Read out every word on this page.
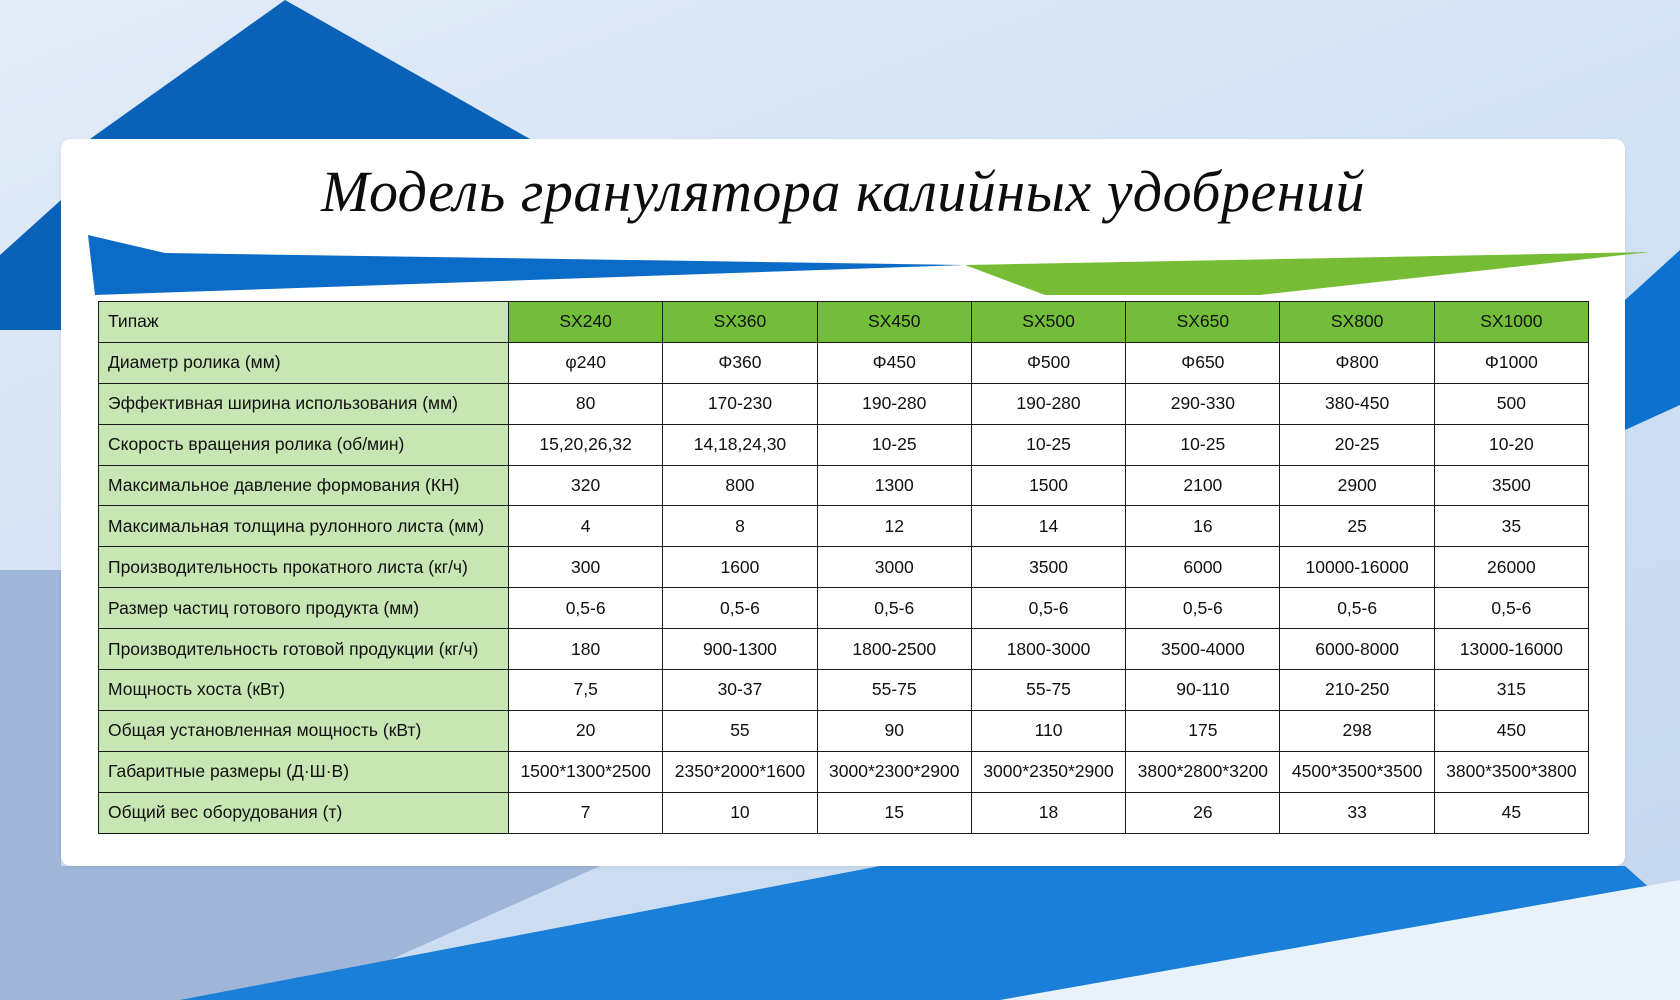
Модель гранулятора калийных удобрений
Типаж	SX240	SX360	SX450	SX500	SX650	SX800	SX1000
Диаметр ролика (мм)	φ240	Φ360	Φ450	Φ500	Φ650	Φ800	Φ1000
Эффективная ширина использования (мм)	80	170-230	190-280	190-280	290-330	380-450	500
Скорость вращения ролика (об/мин)	15,20,26,32	14,18,24,30	10-25	10-25	10-25	20-25	10-20
Максимальное давление формования (КН)	320	800	1300	1500	2100	2900	3500
Максимальная толщина рулонного листа (мм)	4	8	12	14	16	25	35
Производительность прокатного листа (кг/ч)	300	1600	3000	3500	6000	10000-16000	26000
Размер частиц готового продукта (мм)	0,5-6	0,5-6	0,5-6	0,5-6	0,5-6	0,5-6	0,5-6
Производительность готовой продукции (кг/ч)	180	900-1300	1800-2500	1800-3000	3500-4000	6000-8000	13000-16000
Мощность хоста (кВт)	7,5	30-37	55-75	55-75	90-110	210-250	315
Общая установленная мощность (кВт)	20	55	90	110	175	298	450
Габаритные размеры (Д·Ш·В)	1500*1300*2500	2350*2000*1600	3000*2300*2900	3000*2350*2900	3800*2800*3200	4500*3500*3500	3800*3500*3800
Общий вес оборудования (т)	7	10	15	18	26	33	45
